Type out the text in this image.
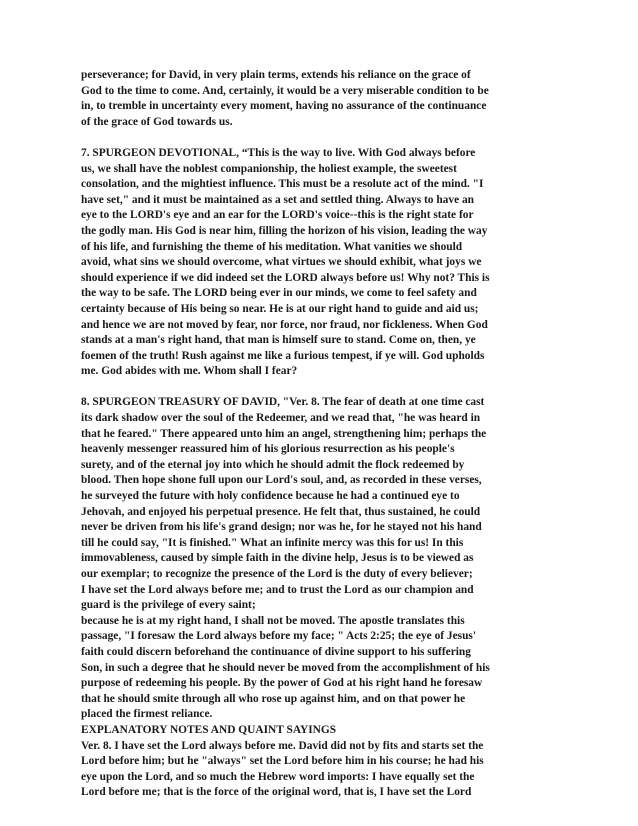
perseverance; for David, in very plain terms, extends his reliance on the grace of
God to the time to come. And, certainly, it would be a very miserable condition to be
in, to tremble in uncertainty every moment, having no assurance of the continuance
of the grace of God towards us.
7. SPURGEON DEVOTIONAL, “This is the way to live. With God always before
us, we shall have the noblest companionship, the holiest example, the sweetest
consolation, and the mightiest influence. This must be a resolute act of the mind. "I
have set," and it must be maintained as a set and settled thing. Always to have an
eye to the LORD's eye and an ear for the LORD's voice--this is the right state for
the godly man. His God is near him, filling the horizon of his vision, leading the way
of his life, and furnishing the theme of his meditation. What vanities we should
avoid, what sins we should overcome, what virtues we should exhibit, what joys we
should experience if we did indeed set the LORD always before us! Why not? This is
the way to be safe. The LORD being ever in our minds, we come to feel safety and
certainty because of His being so near. He is at our right hand to guide and aid us;
and hence we are not moved by fear, nor force, nor fraud, nor fickleness. When God
stands at a man's right hand, that man is himself sure to stand. Come on, then, ye
foemen of the truth! Rush against me like a furious tempest, if ye will. God upholds
me. God abides with me. Whom shall I fear?
8. SPURGEON TREASURY OF DAVID, "Ver. 8. The fear of death at one time cast
its dark shadow over the soul of the Redeemer, and we read that, "he was heard in
that he feared." There appeared unto him an angel, strengthening him; perhaps the
heavenly messenger reassured him of his glorious resurrection as his people's
surety, and of the eternal joy into which he should admit the flock redeemed by
blood. Then hope shone full upon our Lord's soul, and, as recorded in these verses,
he surveyed the future with holy confidence because he had a continued eye to
Jehovah, and enjoyed his perpetual presence. He felt that, thus sustained, he could
never be driven from his life's grand design; nor was he, for he stayed not his hand
till he could say, "It is finished." What an infinite mercy was this for us! In this
immovableness, caused by simple faith in the divine help, Jesus is to be viewed as
our exemplar; to recognize the presence of the Lord is the duty of every believer;
I have set the Lord always before me; and to trust the Lord as our champion and
guard is the privilege of every saint;
because he is at my right hand, I shall not be moved. The apostle translates this
passage, "I foresaw the Lord always before my face; " Acts 2:25; the eye of Jesus'
faith could discern beforehand the continuance of divine support to his suffering
Son, in such a degree that he should never be moved from the accomplishment of his
purpose of redeeming his people. By the power of God at his right hand he foresaw
that he should smite through all who rose up against him, and on that power he
placed the firmest reliance.
EXPLANATORY NOTES AND QUAINT SAYINGS
Ver. 8. I have set the Lord always before me. David did not by fits and starts set the
Lord before him; but he "always" set the Lord before him in his course; he had his
eye upon the Lord, and so much the Hebrew word imports: I have equally set the
Lord before me; that is the force of the original word, that is, I have set the Lord
